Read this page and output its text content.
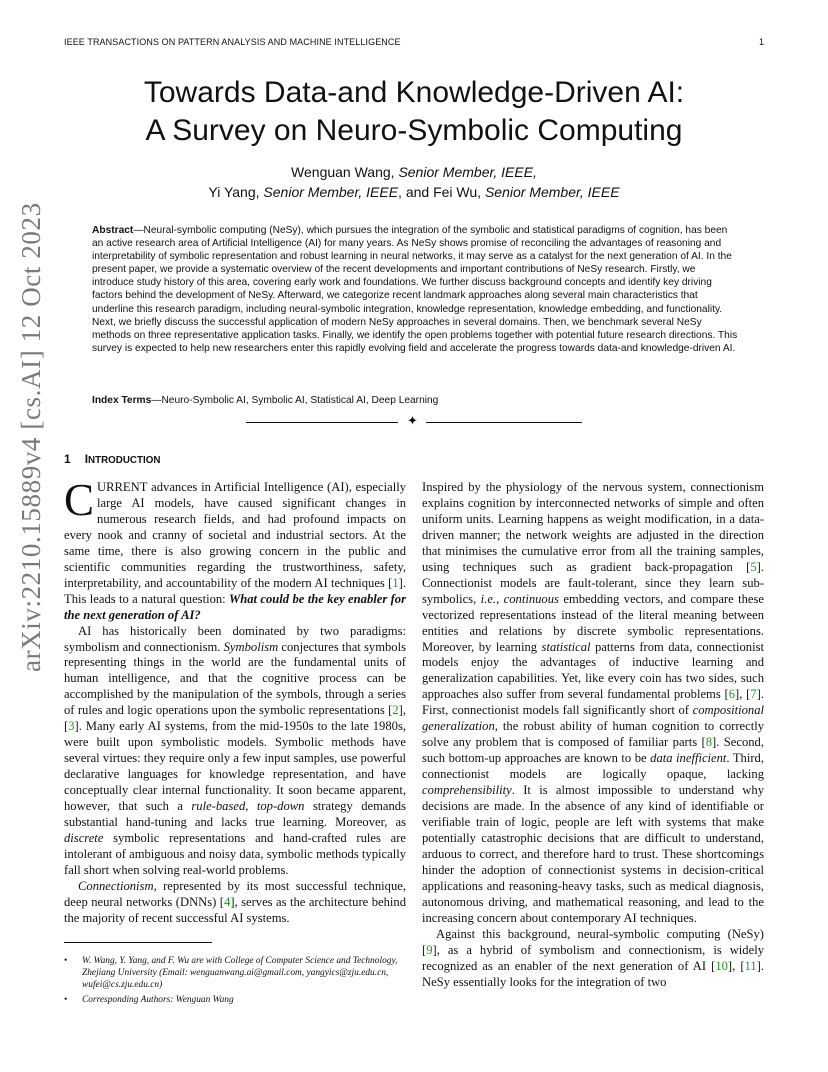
IEEE TRANSACTIONS ON PATTERN ANALYSIS AND MACHINE INTELLIGENCE	1
arXiv:2210.15889v4 [cs.AI] 12 Oct 2023
Towards Data-and Knowledge-Driven AI:
A Survey on Neuro-Symbolic Computing
Wenguan Wang, Senior Member, IEEE,
Yi Yang, Senior Member, IEEE, and Fei Wu, Senior Member, IEEE
Abstract—Neural-symbolic computing (NeSy), which pursues the integration of the symbolic and statistical paradigms of cognition, has been an active research area of Artificial Intelligence (AI) for many years. As NeSy shows promise of reconciling the advantages of reasoning and interpretability of symbolic representation and robust learning in neural networks, it may serve as a catalyst for the next generation of AI. In the present paper, we provide a systematic overview of the recent developments and important contributions of NeSy research. Firstly, we introduce study history of this area, covering early work and foundations. We further discuss background concepts and identify key driving factors behind the development of NeSy. Afterward, we categorize recent landmark approaches along several main characteristics that underline this research paradigm, including neural-symbolic integration, knowledge representation, knowledge embedding, and functionality. Next, we briefly discuss the successful application of modern NeSy approaches in several domains. Then, we benchmark several NeSy methods on three representative application tasks. Finally, we identify the open problems together with potential future research directions. This survey is expected to help new researchers enter this rapidly evolving field and accelerate the progress towards data-and knowledge-driven AI.
Index Terms—Neuro-Symbolic AI, Symbolic AI, Statistical AI, Deep Learning
✦
1 INTRODUCTION

CURRENT advances in Artificial Intelligence (AI), especially large AI models, have caused significant changes in numerous research fields, and had profound impacts on every nook and cranny of societal and industrial sectors. At the same time, there is also growing concern in the public and scientific communities regarding the trustworthiness, safety, interpretability, and accountability of the modern AI techniques [1]. This leads to a natural question: What could be the key enabler for the next generation of AI?

AI has historically been dominated by two paradigms: symbolism and connectionism. Symbolism conjectures that symbols representing things in the world are the fundamental units of human intelligence, and that the cognitive process can be accomplished by the manipulation of the symbols, through a series of rules and logic operations upon the symbolic representations [2], [3]. Many early AI systems, from the mid-1950s to the late 1980s, were built upon symbolistic models. Symbolic methods have several virtues: they require only a few input samples, use powerful declarative languages for knowledge representation, and have conceptually clear internal functionality. It soon became apparent, however, that such a rule-based, top-down strategy demands substantial hand-tuning and lacks true learning. Moreover, as discrete symbolic representations and hand-crafted rules are intolerant of ambiguous and noisy data, symbolic methods typically fall short when solving real-world problems.

Connectionism, represented by its most successful technique, deep neural networks (DNNs) [4], serves as the architecture behind the majority of recent successful AI systems.

• W. Wang, Y. Yang, and F. Wu are with College of Computer Science and Technology, Zhejiang University (Email: wenguanwang.ai@gmail.com, yangyics@zju.edu.cn, wufei@cs.zju.edu.cn)
• Corresponding Authors: Wenguan Wang

Inspired by the physiology of the nervous system, connectionism explains cognition by interconnected networks of simple and often uniform units. Learning happens as weight modification, in a data-driven manner; the network weights are adjusted in the direction that minimises the cumulative error from all the training samples, using techniques such as gradient back-propagation [5]. Connectionist models are fault-tolerant, since they learn sub-symbolics, i.e., continuous embedding vectors, and compare these vectorized representations instead of the literal meaning between entities and relations by discrete symbolic representations. Moreover, by learning statistical patterns from data, connectionist models enjoy the advantages of inductive learning and generalization capabilities. Yet, like every coin has two sides, such approaches also suffer from several fundamental problems [6], [7]. First, connectionist models fall significantly short of compositional generalization, the robust ability of human cognition to correctly solve any problem that is composed of familiar parts [8]. Second, such bottom-up approaches are known to be data inefficient. Third, connectionist models are logically opaque, lacking comprehensibility. It is almost impossible to understand why decisions are made. In the absence of any kind of identifiable or verifiable train of logic, people are left with systems that make potentially catastrophic decisions that are difficult to understand, arduous to correct, and therefore hard to trust. These shortcomings hinder the adoption of connectionist systems in decision-critical applications and reasoning-heavy tasks, such as medical diagnosis, autonomous driving, and mathematical reasoning, and lead to the increasing concern about contemporary AI techniques.

Against this background, neural-symbolic computing (NeSy) [9], as a hybrid of symbolism and connectionism, is widely recognized as an enabler of the next generation of AI [10], [11]. NeSy essentially looks for the integration of two
